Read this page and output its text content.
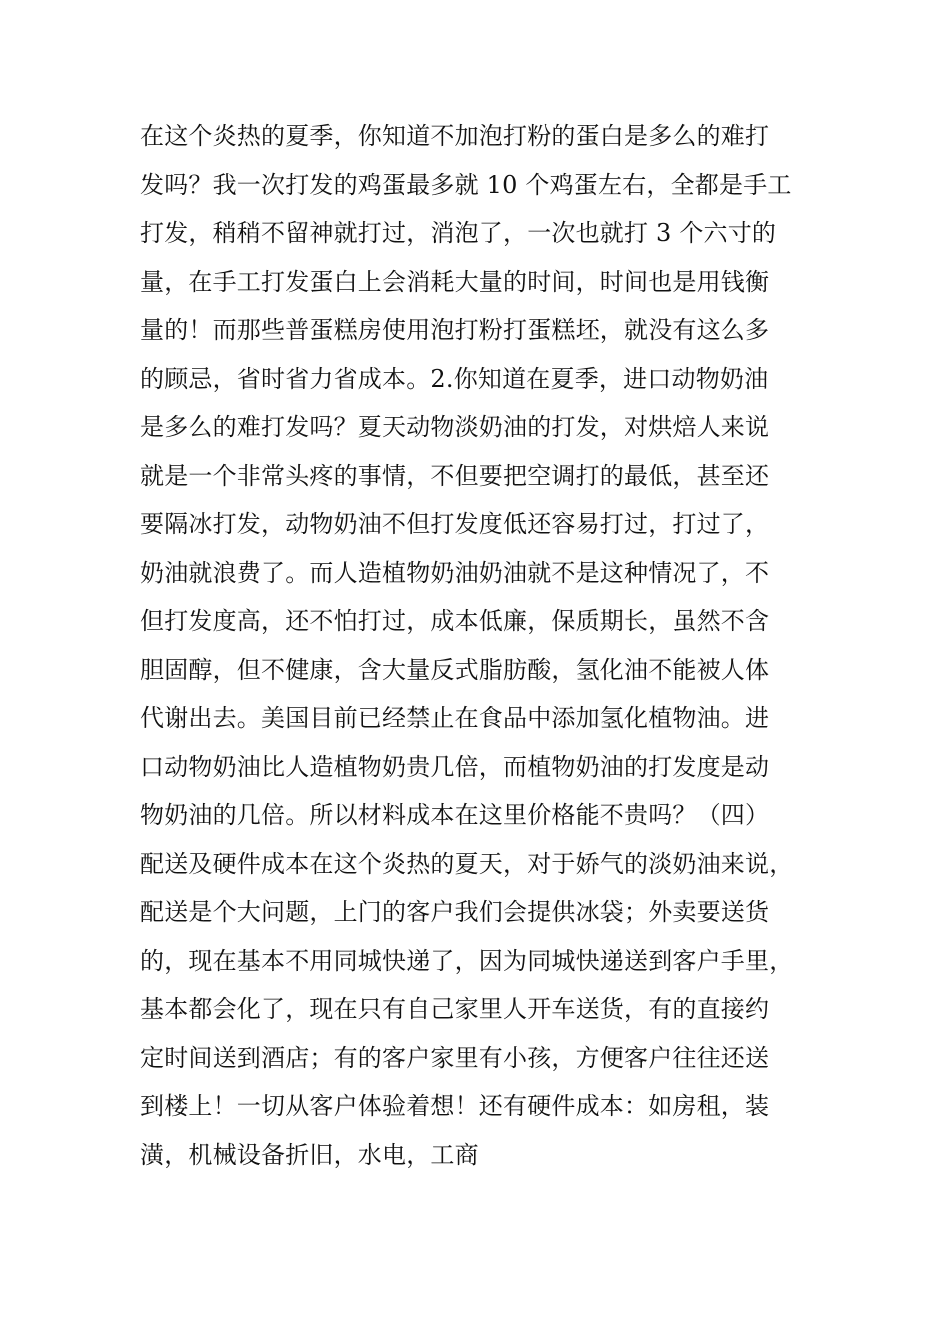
在这个炎热的夏季，你知道不加泡打粉的蛋白是多么的难打
发吗？我一次打发的鸡蛋最多就 10 个鸡蛋左右，全都是手工
打发，稍稍不留神就打过，消泡了，一次也就打 3 个六寸的
量，在手工打发蛋白上会消耗大量的时间，时间也是用钱衡
量的！而那些普蛋糕房使用泡打粉打蛋糕坯，就没有这么多
的顾忌，省时省力省成本。2.你知道在夏季，进口动物奶油
是多么的难打发吗？夏天动物淡奶油的打发，对烘焙人来说
就是一个非常头疼的事情，不但要把空调打的最低，甚至还
要隔冰打发，动物奶油不但打发度低还容易打过，打过了，
奶油就浪费了。而人造植物奶油奶油就不是这种情况了，不
但打发度高，还不怕打过，成本低廉，保质期长，虽然不含
胆固醇，但不健康，含大量反式脂肪酸，氢化油不能被人体
代谢出去。美国目前已经禁止在食品中添加氢化植物油。进
口动物奶油比人造植物奶贵几倍，而植物奶油的打发度是动
物奶油的几倍。所以材料成本在这里价格能不贵吗？（四）
配送及硬件成本在这个炎热的夏天，对于娇气的淡奶油来说，
配送是个大问题，上门的客户我们会提供冰袋；外卖要送货
的，现在基本不用同城快递了，因为同城快递送到客户手里，
基本都会化了，现在只有自己家里人开车送货，有的直接约
定时间送到酒店；有的客户家里有小孩，方便客户往往还送
到楼上！一切从客户体验着想！还有硬件成本：如房租，装
潢，机械设备折旧，水电，工商
